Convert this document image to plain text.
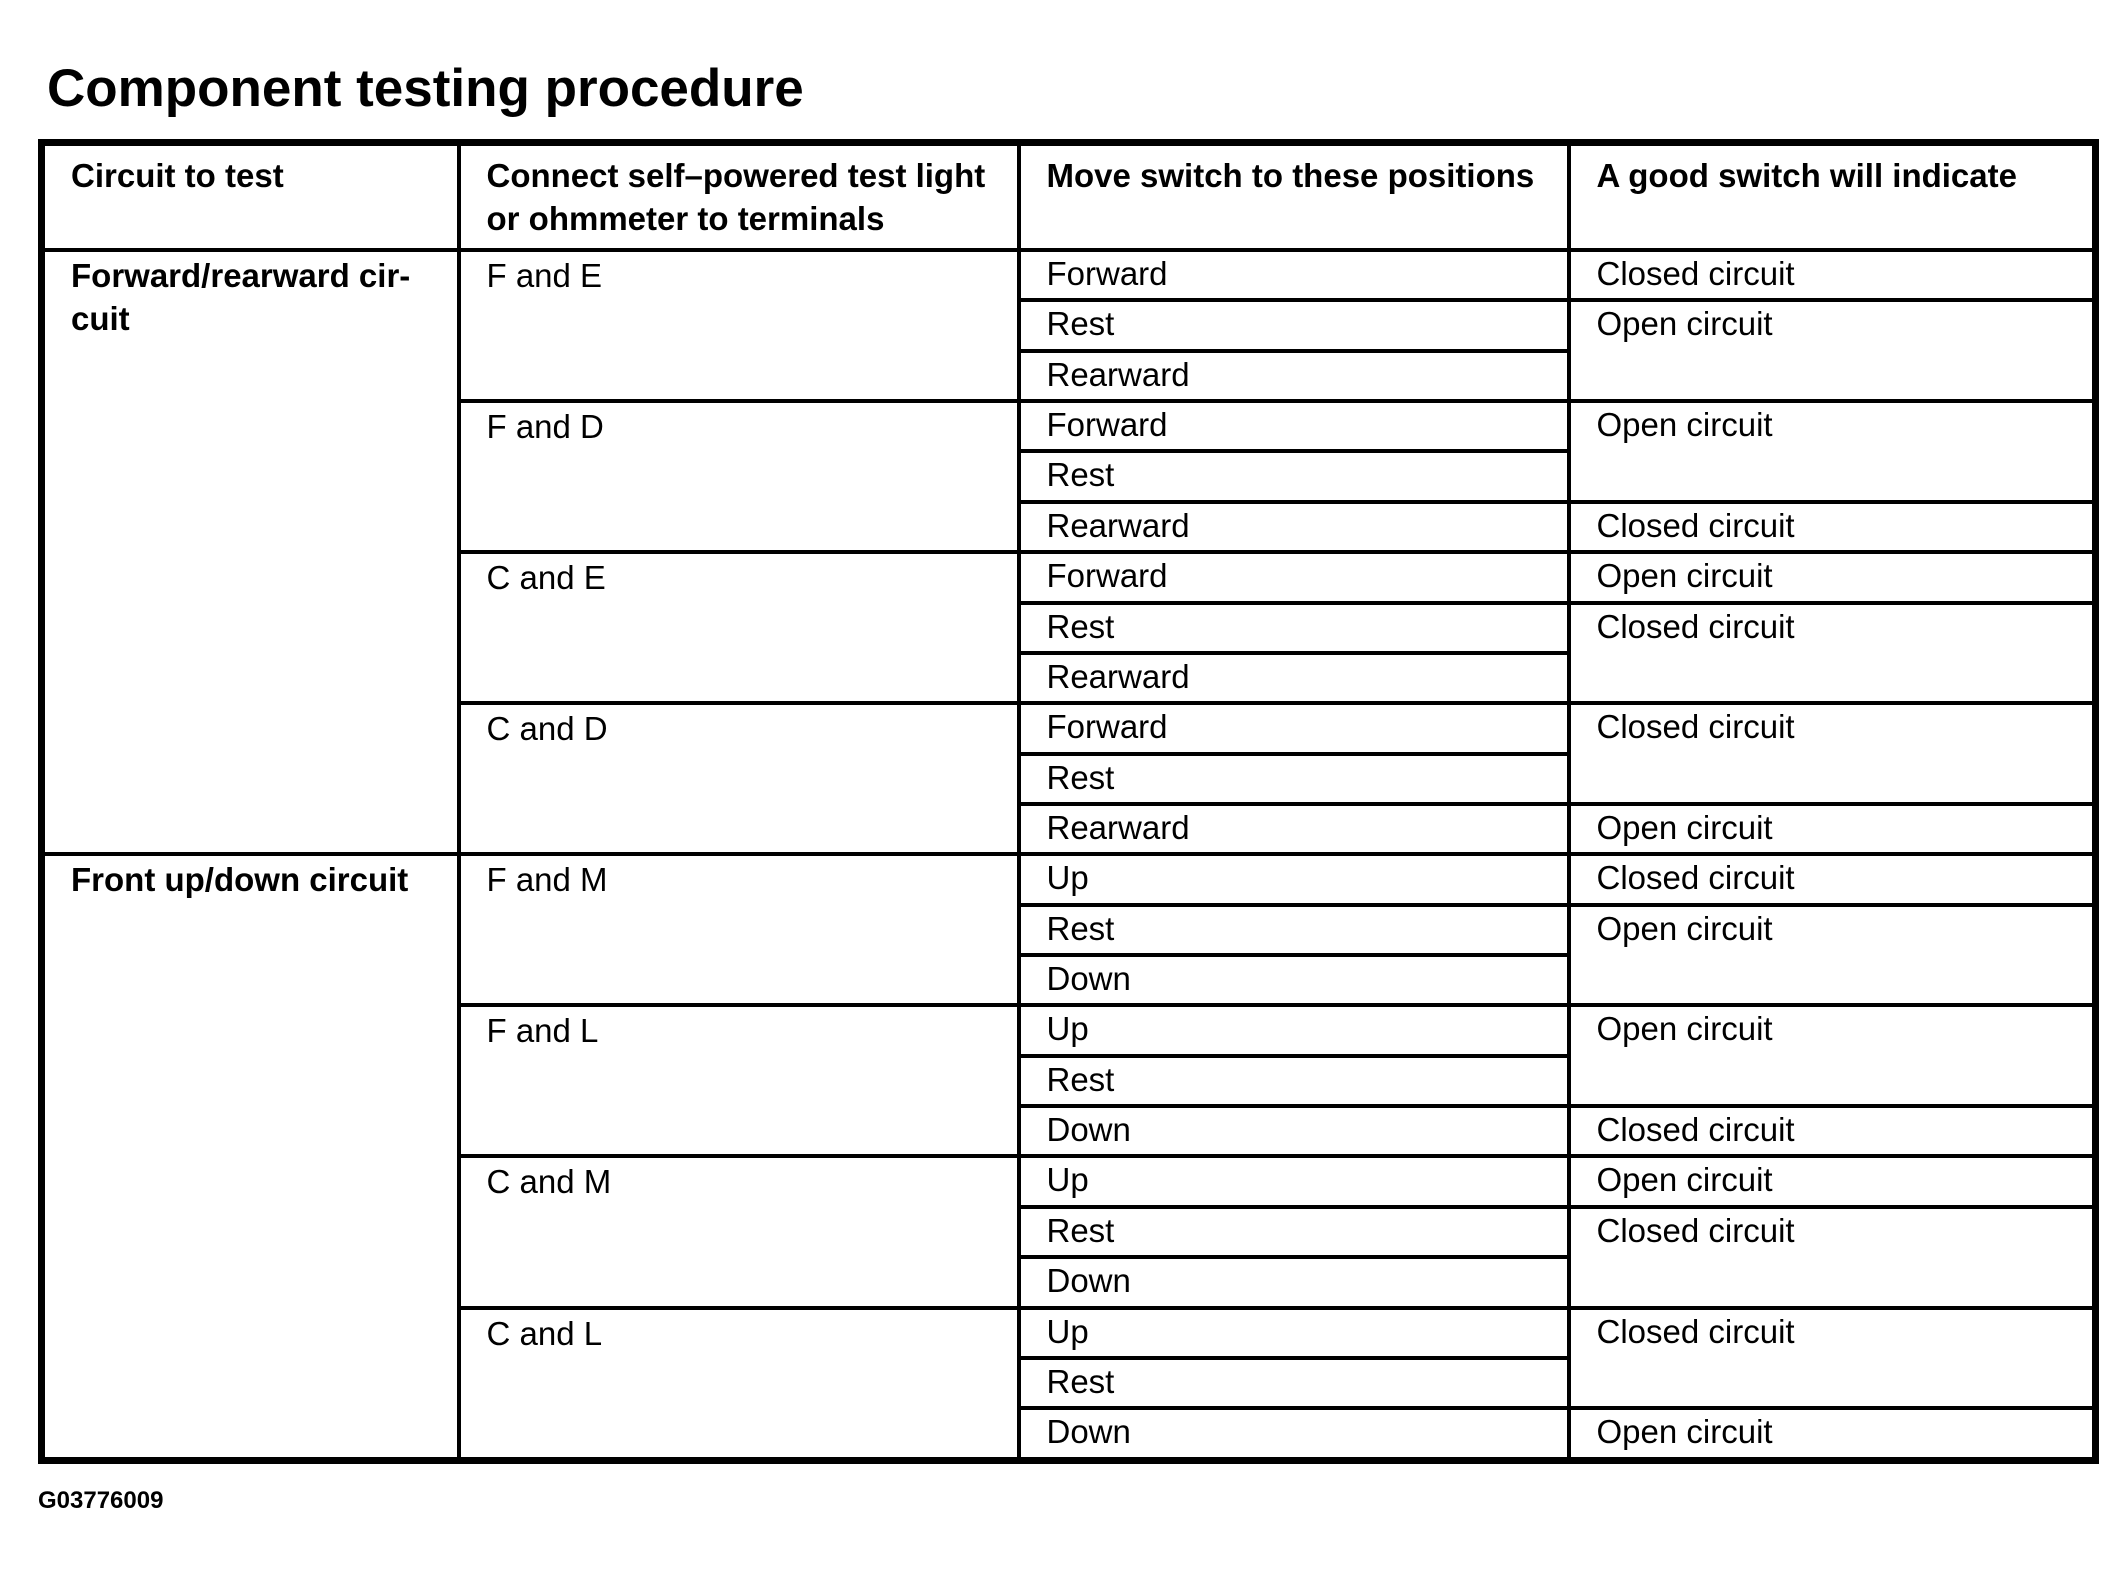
Component testing procedure
Circuit to test	Connect self–powered test light or ohmmeter to terminals	Move switch to these positions	A good switch will indicate
Forward/rearward cir-cuit	F and E	Forward	Closed circuit
		Rest	Open circuit
		Rearward	
	F and D	Forward	Open circuit
		Rest	
		Rearward	Closed circuit
	C and E	Forward	Open circuit
		Rest	Closed circuit
		Rearward	
	C and D	Forward	Closed circuit
		Rest	
		Rearward	Open circuit
Front up/down circuit	F and M	Up	Closed circuit
		Rest	Open circuit
		Down	
	F and L	Up	Open circuit
		Rest	
		Down	Closed circuit
	C and M	Up	Open circuit
		Rest	Closed circuit
		Down	
	C and L	Up	Closed circuit
		Rest	
		Down	Open circuit
G03776009
